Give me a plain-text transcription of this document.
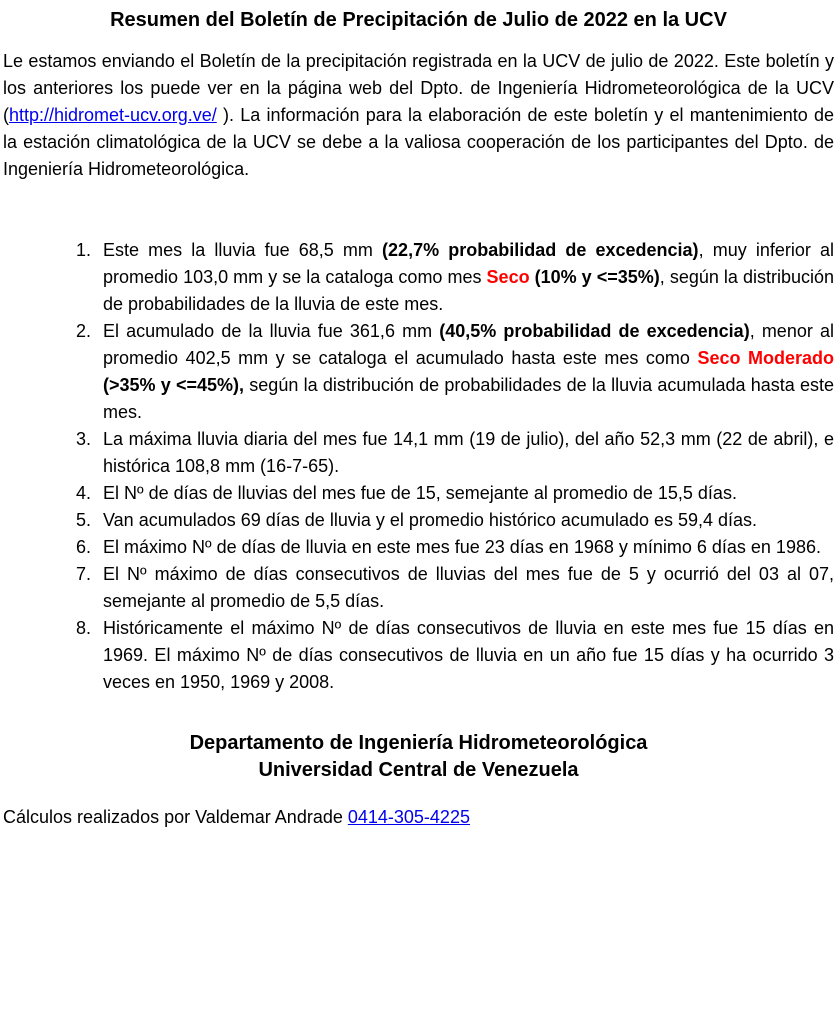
Resumen del Boletín de Precipitación de Julio de 2022 en la UCV
Le estamos enviando el Boletín de la precipitación registrada en la UCV de julio de 2022. Este boletín y los anteriores los puede ver en la página web del Dpto. de Ingeniería Hidrometeorológica de la UCV (http://hidromet-ucv.org.ve/ ). La información para la elaboración de este boletín y el mantenimiento de la estación climatológica de la UCV se debe a la valiosa cooperación de los participantes del Dpto. de Ingeniería Hidrometeorológica.
1. Este mes la lluvia fue 68,5 mm (22,7% probabilidad de excedencia), muy inferior al promedio 103,0 mm y se la cataloga como mes Seco (10% y <=35%), según la distribución de probabilidades de la lluvia de este mes.
2. El acumulado de la lluvia fue 361,6 mm (40,5% probabilidad de excedencia), menor al promedio 402,5 mm y se cataloga el acumulado hasta este mes como Seco Moderado (>35% y <=45%), según la distribución de probabilidades de la lluvia acumulada hasta este mes.
3. La máxima lluvia diaria del mes fue 14,1 mm (19 de julio), del año 52,3 mm (22 de abril), e histórica 108,8 mm (16-7-65).
4. El Nº de días de lluvias del mes fue de 15, semejante al promedio de 15,5 días.
5. Van acumulados 69 días de lluvia y el promedio histórico acumulado es 59,4 días.
6. El máximo Nº de días de lluvia en este mes fue 23 días en 1968 y mínimo 6 días en 1986.
7. El Nº máximo de días consecutivos de lluvias del mes fue de 5 y ocurrió del 03 al 07, semejante al promedio de 5,5 días.
8. Históricamente el máximo Nº de días consecutivos de lluvia en este mes fue 15 días en 1969. El máximo Nº de días consecutivos de lluvia en un año fue 15 días y ha ocurrido 3 veces en 1950, 1969 y 2008.
Departamento de Ingeniería Hidrometeorológica
Universidad Central de Venezuela
Cálculos realizados por Valdemar Andrade 0414-305-4225
